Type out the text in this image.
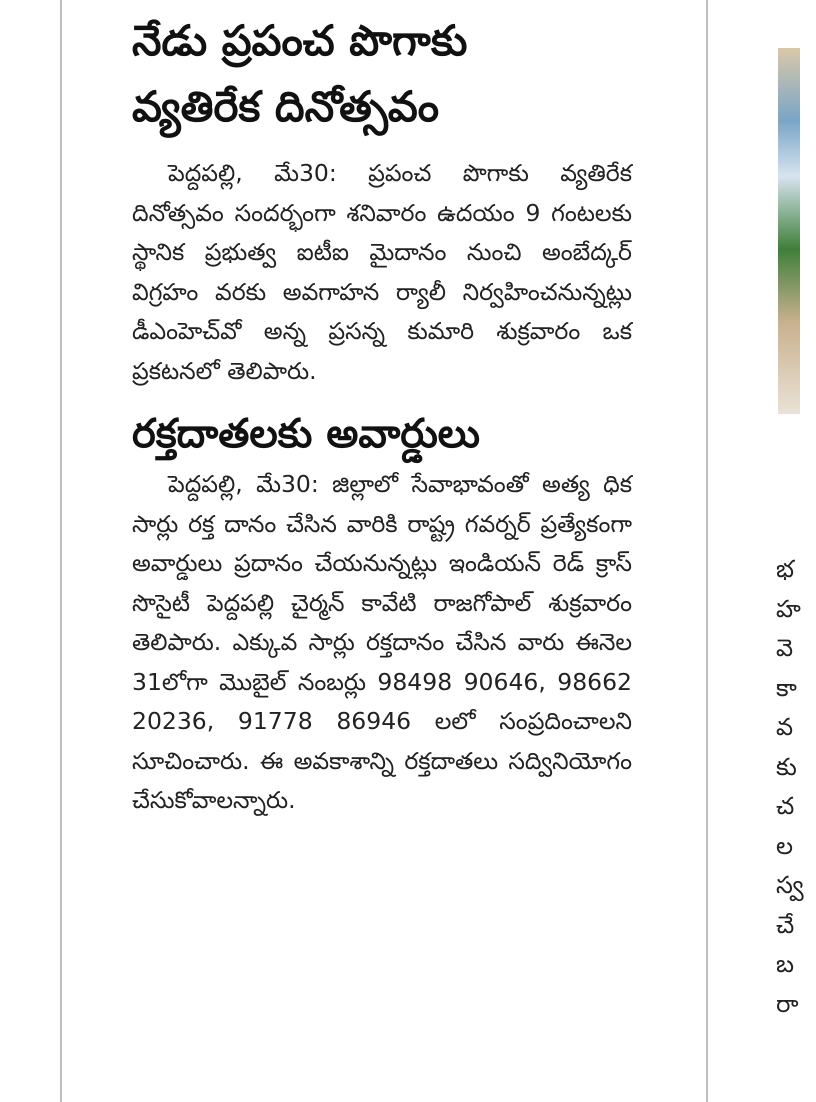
నేడు ప్రపంచ పొగాకు
వ్యతిరేక దినోత్సవం

పెద్దపల్లి, మే30: ప్రపంచ పొగాకు వ్యతిరేక దినోత్సవం సందర్భంగా శనివారం ఉదయం 9 గంటలకు స్థానిక ప్రభుత్వ ఐటీఐ మైదానం నుంచి అంబేద్కర్ విగ్రహం వరకు అవగాహన ర్యాలీ నిర్వహించనున్నట్లు డీఎంహెచ్‌వో అన్న ప్రసన్న కుమారి శుక్రవారం ఒక ప్రకటనలో తెలిపారు.

రక్తదాతలకు అవార్డులు

పెద్దపల్లి, మే30: జిల్లాలో సేవాభావంతో అత్య ధిక సార్లు రక్త దానం చేసిన వారికి రాష్ట్ర గవర్నర్ ప్రత్యేకంగా అవార్డులు ప్రదానం చేయనున్నట్లు ఇండియన్ రెడ్ క్రాస్ సొసైటీ పెద్దపల్లి చైర్మన్ కావేటి రాజగోపాల్ శుక్రవారం తెలిపారు. ఎక్కువ సార్లు రక్తదానం చేసిన వారు ఈనెల 31లోగా మొబైల్ నంబర్లు 98498 90646, 98662 20236, 91778 86946 లలో సంప్రదించాలని సూచించారు. ఈ అవకాశాన్ని రక్తదాతలు సద్వినియోగం చేసుకోవాలన్నారు.

భ
హ
వె
కా
వ
కు
చ
ల
స్వ
చే
బ
రా
